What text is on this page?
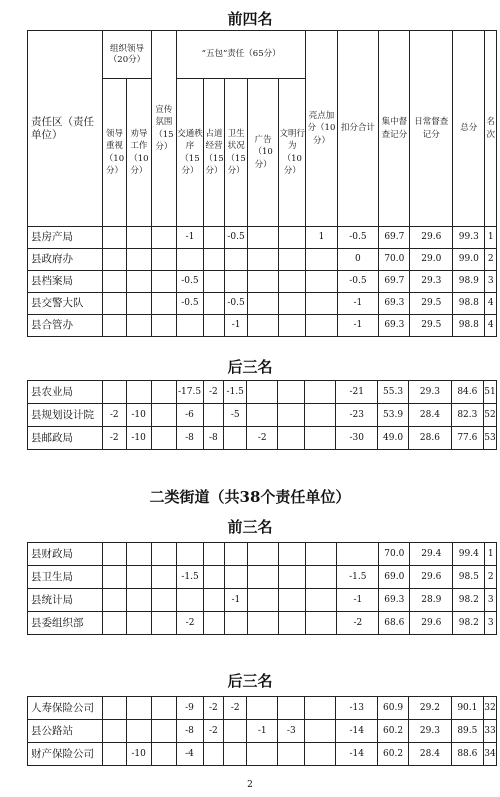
前四名
责任区（责任单位）	组织领导（20分）		宣传氛围（15分）	“五包”责任（65分）					亮点加分（10分）	扣分合计	集中督查记分	日常督查记分	总分	名次
	领导重视（10分）	劝导工作（10分）		交通秩序（15分）	占道经营（15分）	卫生状况（15分）	广告（10分）	文明行为（10分）						
县房产局				-1		-0.5			1	-0.5	69.7	29.6	99.3	1
县政府办										0	70.0	29.0	99.0	2
县档案局				-0.5						-0.5	69.7	29.3	98.9	3
县交警大队				-0.5		-0.5				-1	69.3	29.5	98.8	4
县合管办						-1				-1	69.3	29.5	98.8	4
后三名
县农业局				-17.5	-2	-1.5				-21	55.3	29.3	84.6	51
县规划设计院	-2	-10		-6		-5				-23	53.9	28.4	82.3	52
县邮政局	-2	-10		-8	-8		-2			-30	49.0	28.6	77.6	53
二类街道（共38个责任单位）
前三名
县财政局											70.0	29.4	99.4	1
县卫生局				-1.5						-1.5	69.0	29.6	98.5	2
县统计局						-1				-1	69.3	28.9	98.2	3
县委组织部				-2						-2	68.6	29.6	98.2	3
后三名
人寿保险公司				-9	-2	-2				-13	60.9	29.2	90.1	32
县公路站				-8	-2		-1	-3		-14	60.2	29.3	89.5	33
财产保险公司		-10		-4						-14	60.2	28.4	88.6	34
2
